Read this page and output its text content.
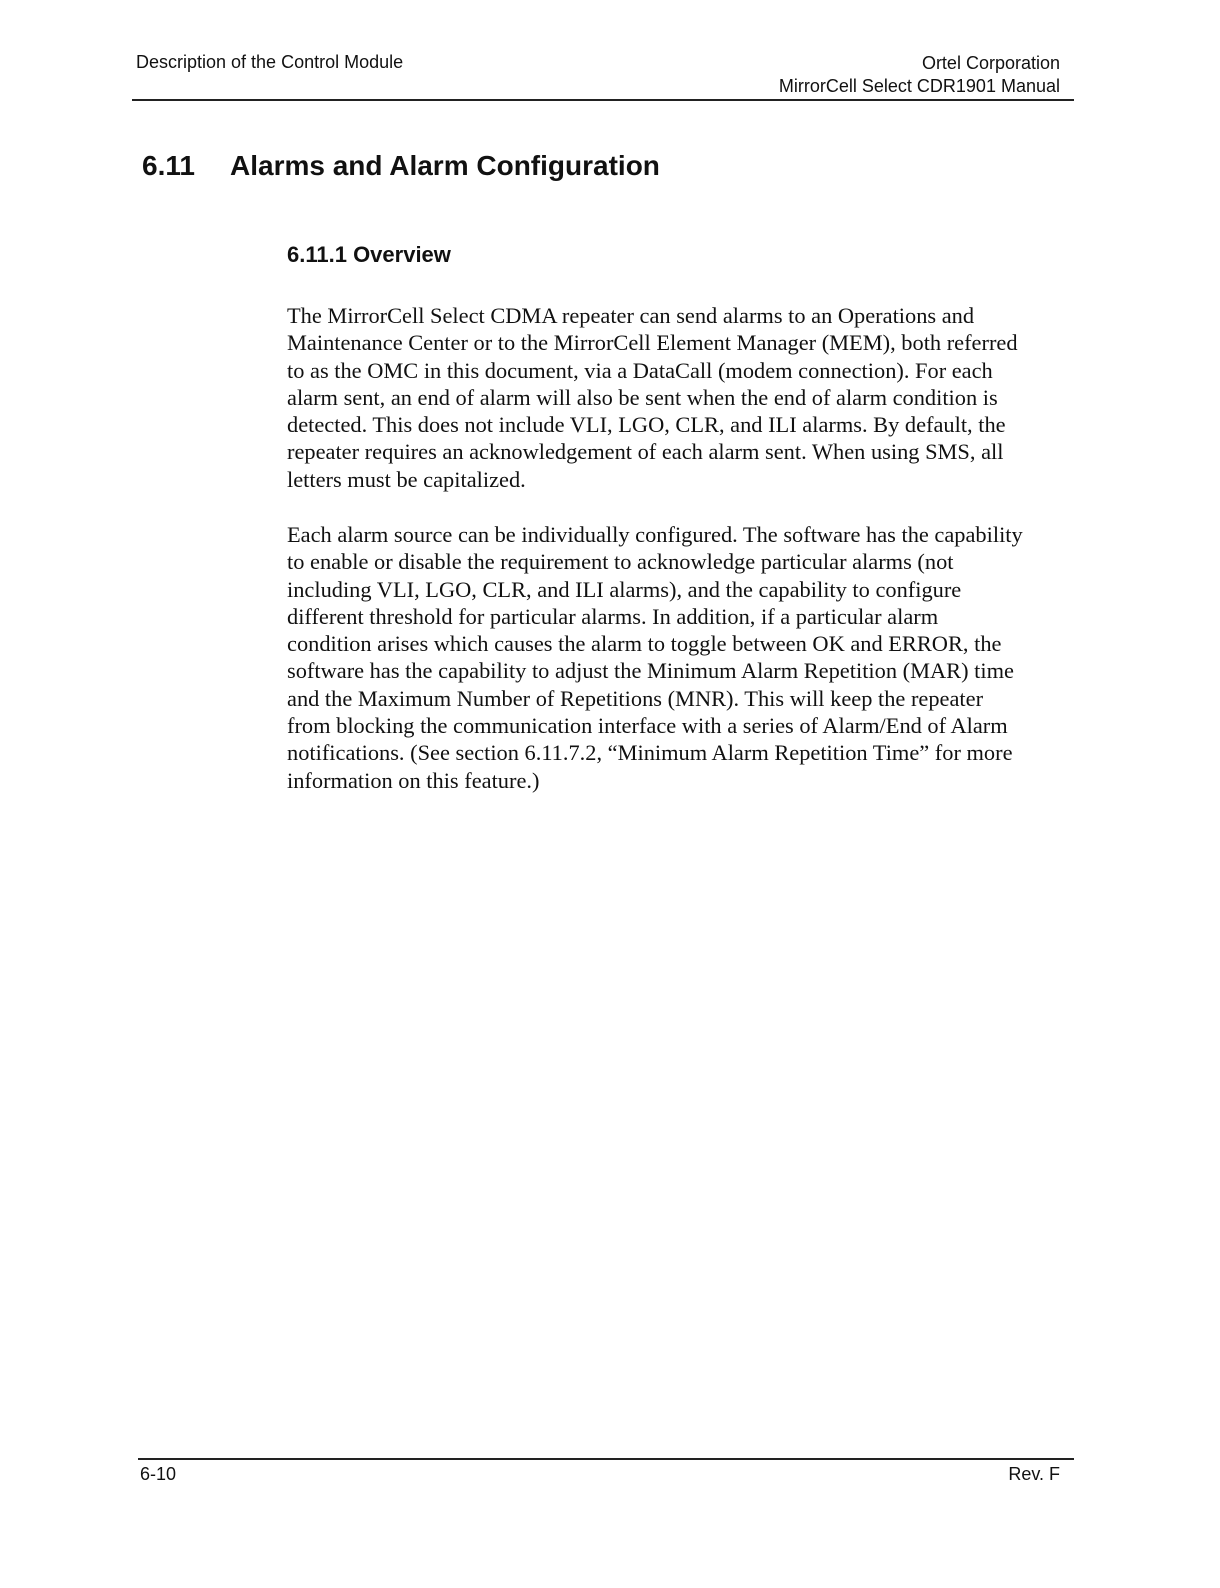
Description of the Control Module	Ortel Corporation
MirrorCell Select CDR1901 Manual
6.11 Alarms and Alarm Configuration
6.11.1 Overview
The MirrorCell Select CDMA repeater can send alarms to an Operations and
Maintenance Center or to the MirrorCell Element Manager (MEM), both referred
to as the OMC in this document, via a DataCall (modem connection). For each
alarm sent, an end of alarm will also be sent when the end of alarm condition is
detected. This does not include VLI, LGO, CLR, and ILI alarms. By default, the
repeater requires an acknowledgement of each alarm sent. When using SMS, all
letters must be capitalized.
Each alarm source can be individually configured. The software has the capability
to enable or disable the requirement to acknowledge particular alarms (not
including VLI, LGO, CLR, and ILI alarms), and the capability to configure
different threshold for particular alarms. In addition, if a particular alarm
condition arises which causes the alarm to toggle between OK and ERROR, the
software has the capability to adjust the Minimum Alarm Repetition (MAR) time
and the Maximum Number of Repetitions (MNR). This will keep the repeater
from blocking the communication interface with a series of Alarm/End of Alarm
notifications. (See section 6.11.7.2, “Minimum Alarm Repetition Time” for more
information on this feature.)
6-10	Rev. F
